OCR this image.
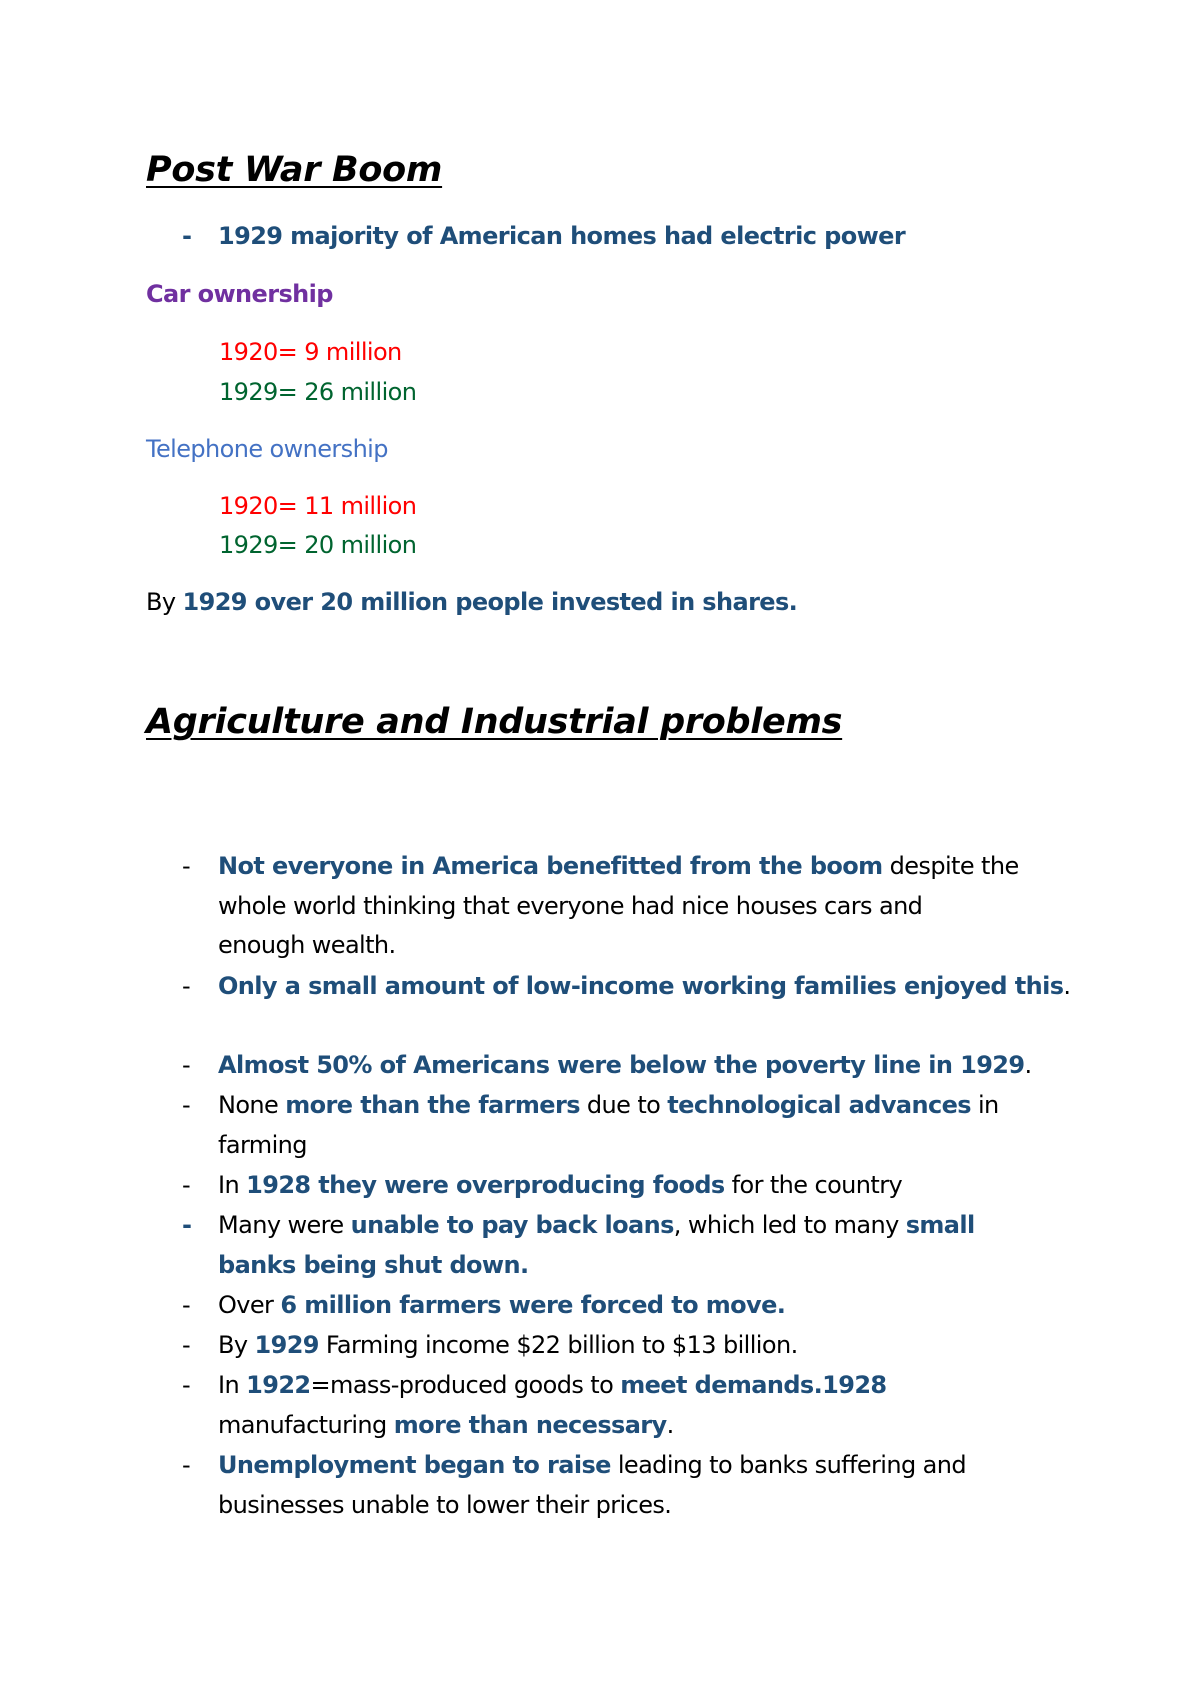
Post War Boom
- 1929 majority of American homes had electric power
Car ownership
1920= 9 million
1929= 26 million
Telephone ownership
1920= 11 million
1929= 20 million
By 1929 over 20 million people invested in shares.
Agriculture and Industrial problems
- Not everyone in America benefitted from the boom despite the
whole world thinking that everyone had nice houses cars and
enough wealth.
- Only a small amount of low-income working families enjoyed this.
- Almost 50% of Americans were below the poverty line in 1929.
- None more than the farmers due to technological advances in
farming
- In 1928 they were overproducing foods for the country
- Many were unable to pay back loans, which led to many small
banks being shut down.
- Over 6 million farmers were forced to move.
- By 1929 Farming income $22 billion to $13 billion.
- In 1922=mass-produced goods to meet demands.1928
manufacturing more than necessary.
- Unemployment began to raise leading to banks suffering and
businesses unable to lower their prices.
